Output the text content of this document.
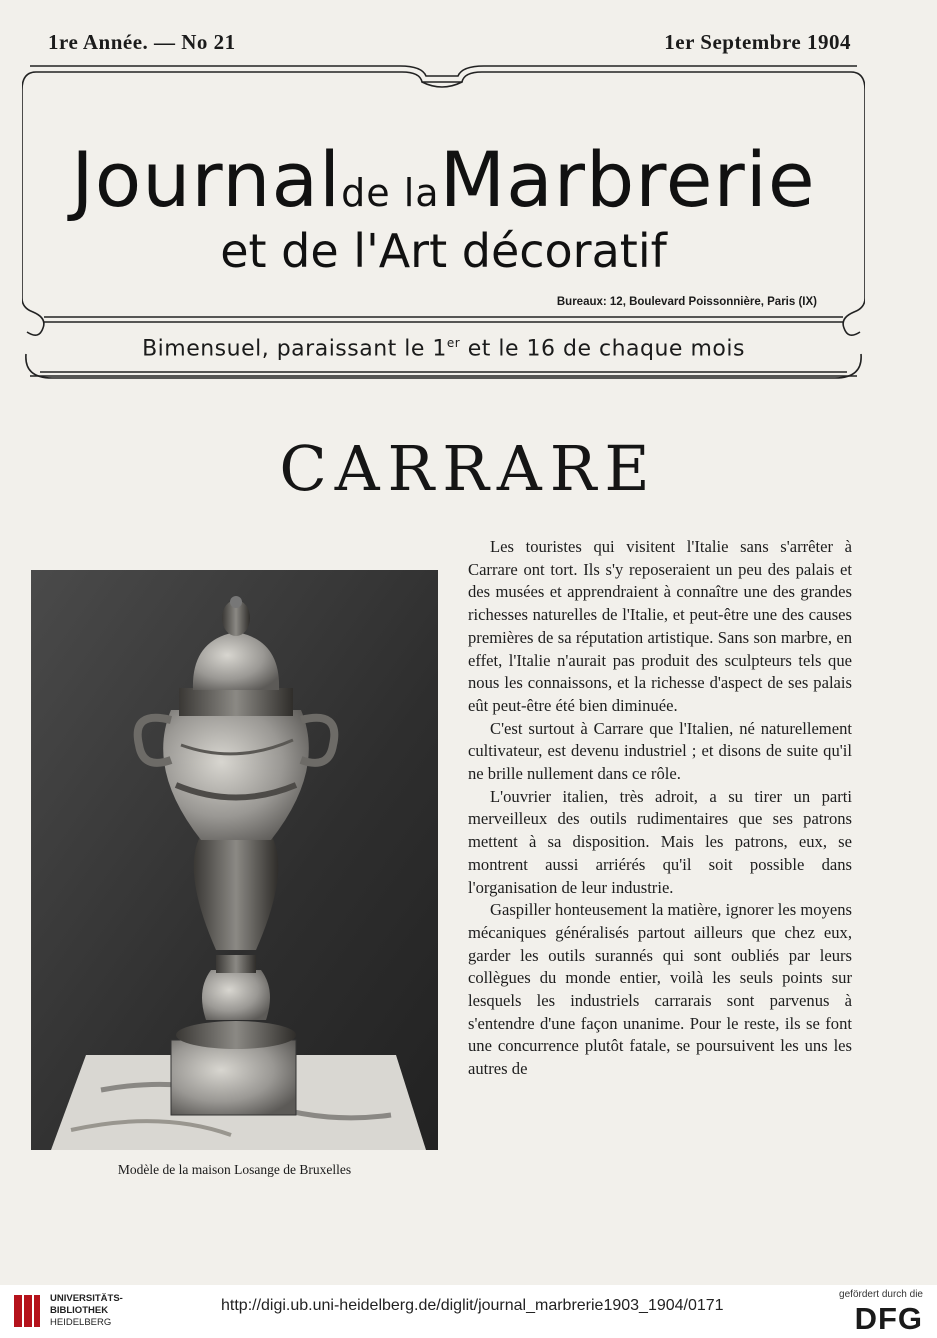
1re Année. — No 21	1er Septembre 1904
Journalde laMarbrerie
et de l'Art décoratif
Bureaux: 12, Boulevard Poissonnière, Paris (IX)
Bimensuel, paraissant le 1er et le 16 de chaque mois
CARRARE
Modèle de la maison Losange de Bruxelles

Les touristes qui visitent l'Italie sans s'arrêter à Carrare ont tort. Ils s'y reposeraient un peu des palais et des musées et apprendraient à connaître une des grandes richesses naturelles de l'Italie, et peut-être une des causes premières de sa réputation artistique. Sans son marbre, en effet, l'Italie n'aurait pas produit des sculpteurs tels que nous les connaissons, et la richesse d'aspect de ses palais eût peut-être été bien diminuée.

C'est surtout à Carrare que l'Italien, né naturellement cultivateur, est devenu industriel ; et disons de suite qu'il ne brille nullement dans ce rôle.

L'ouvrier italien, très adroit, a su tirer un parti merveilleux des outils rudimentaires que ses patrons mettent à sa disposition. Mais les patrons, eux, se montrent aussi arriérés qu'il soit possible dans l'organisation de leur industrie.

Gaspiller honteusement la matière, ignorer les moyens mécaniques généralisés partout ailleurs que chez eux, garder les outils surannés qui sont oubliés par leurs collègues du monde entier, voilà les seuls points sur lesquels les industriels carrarais sont parvenus à s'entendre d'une façon unanime. Pour le reste, ils se font une concurrence plutôt fatale, se poursuivent les uns les autres de

UNIVERSITÄTS-
BIBLIOTHEK
HEIDELBERG
http://digi.ub.uni-heidelberg.de/diglit/journal_marbrerie1903_1904/0171
gefördert durch die
DFG
